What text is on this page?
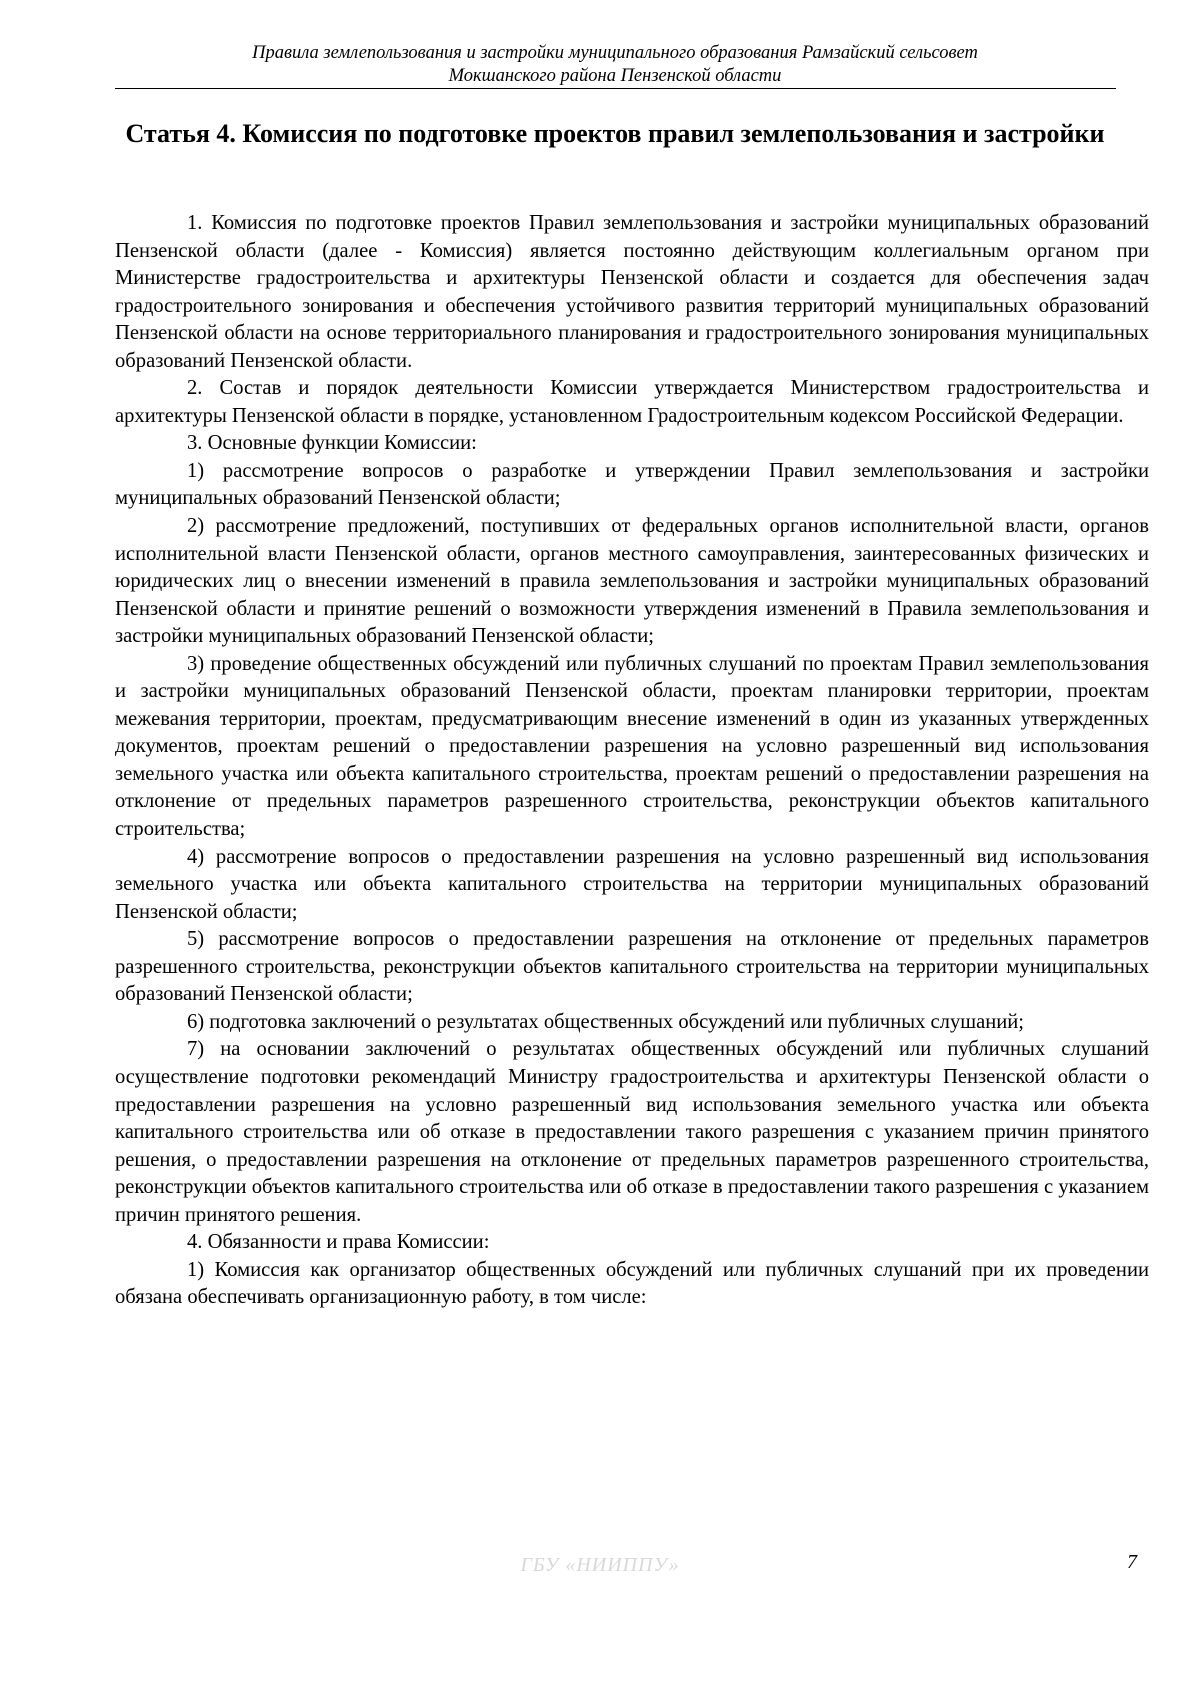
Правила землепользования и застройки муниципального образования Рамзайский сельсовет
Мокшанского района Пензенской области
Статья 4. Комиссия по подготовке проектов правил землепользования и застройки

1. Комиссия по подготовке проектов Правил землепользования и застройки муниципальных образований Пензенской области (далее - Комиссия) является постоянно действующим коллегиальным органом при Министерстве градостроительства и архитектуры Пензенской области и создается для обеспечения задач градостроительного зонирования и обеспечения устойчивого развития территорий муниципальных образований Пензенской области на основе территориального планирования и градостроительного зонирования муниципальных образований Пензенской области.

2. Состав и порядок деятельности Комиссии утверждается Министерством градостроительства и архитектуры Пензенской области в порядке, установленном Градостроительным кодексом Российской Федерации.

3. Основные функции Комиссии:

1) рассмотрение вопросов о разработке и утверждении Правил землепользования и застройки муниципальных образований Пензенской области;

2) рассмотрение предложений, поступивших от федеральных органов исполнительной власти, органов исполнительной власти Пензенской области, органов местного самоуправления, заинтересованных физических и юридических лиц о внесении изменений в правила землепользования и застройки муниципальных образований Пензенской области и принятие решений о возможности утверждения изменений в Правила землепользования и застройки муниципальных образований Пензенской области;

3) проведение общественных обсуждений или публичных слушаний по проектам Правил землепользования и застройки муниципальных образований Пензенской области, проектам планировки территории, проектам межевания территории, проектам, предусматривающим внесение изменений в один из указанных утвержденных документов, проектам решений о предоставлении разрешения на условно разрешенный вид использования земельного участка или объекта капитального строительства, проектам решений о предоставлении разрешения на отклонение от предельных параметров разрешенного строительства, реконструкции объектов капитального строительства;

4) рассмотрение вопросов о предоставлении разрешения на условно разрешенный вид использования земельного участка или объекта капитального строительства на территории муниципальных образований Пензенской области;

5) рассмотрение вопросов о предоставлении разрешения на отклонение от предельных параметров разрешенного строительства, реконструкции объектов капитального строительства на территории муниципальных образований Пензенской области;

6) подготовка заключений о результатах общественных обсуждений или публичных слушаний;

7) на основании заключений о результатах общественных обсуждений или публичных слушаний осуществление подготовки рекомендаций Министру градостроительства и архитектуры Пензенской области о предоставлении разрешения на условно разрешенный вид использования земельного участка или объекта капитального строительства или об отказе в предоставлении такого разрешения с указанием причин принятого решения, о предоставлении разрешения на отклонение от предельных параметров разрешенного строительства, реконструкции объектов капитального строительства или об отказе в предоставлении такого разрешения с указанием причин принятого решения.

4. Обязанности и права Комиссии:

1) Комиссия как организатор общественных обсуждений или публичных слушаний при их проведении обязана обеспечивать организационную работу, в том числе:

ГБУ «НИИППУ»	7
